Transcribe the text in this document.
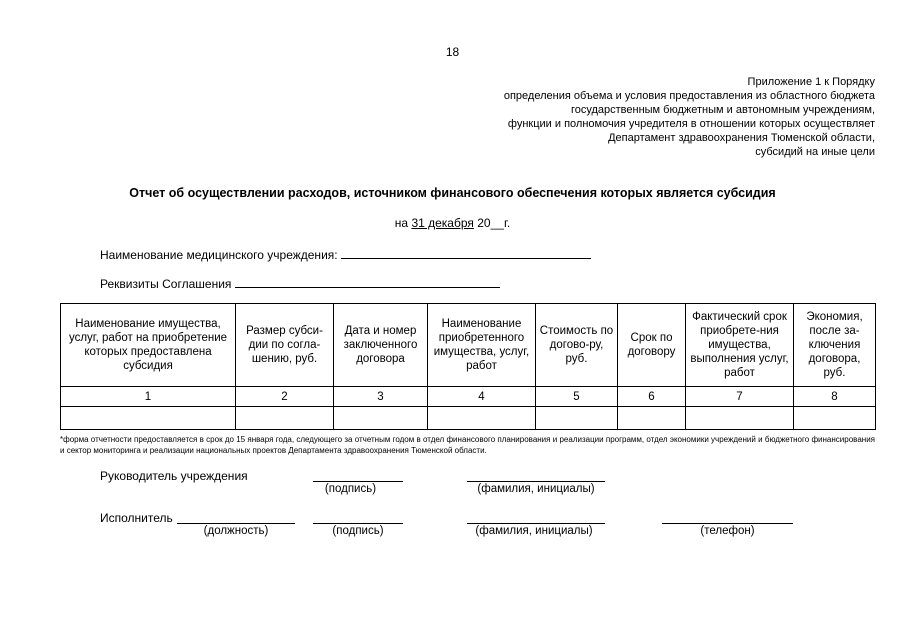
18
Приложение 1 к Порядку
определения объема и условия предоставления из областного бюджета
государственным бюджетным и автономным учреждениям,
функции и полномочия учредителя в отношении которых осуществляет
Департамент здравоохранения Тюменской области,
субсидий на иные цели
Отчет об осуществлении расходов, источником финансового обеспечения которых является субсидия
на 31 декабря 20__г.
Наименование медицинского учреждения:
Реквизиты Соглашения
Наименование имущества, услуг, работ на приобретение которых предоставлена субсидия	Размер субси-дии по согла-шению, руб.	Дата и номер заключенного договора	Наименование приобретенного имущества, услуг, работ	Стоимость по догово-ру, руб.	Срок по договору	Фактический срок приобрете-ния имущества, выполнения услуг, работ	Экономия, после за-ключения договора, руб.
1	2	3	4	5	6	7	8

*форма отчетности предоставляется в срок до 15 января года, следующего за отчетным годом в отдел финансового планирования и реализации программ, отдел экономики учреждений и бюджетного финансирования и сектор мониторинга и реализации национальных проектов Департамента здравоохранения Тюменской области.
Руководитель учреждения
(подпись)	(фамилия, инициалы)
Исполнитель
(должность)	(подпись)	(фамилия, инициалы)	(телефон)
